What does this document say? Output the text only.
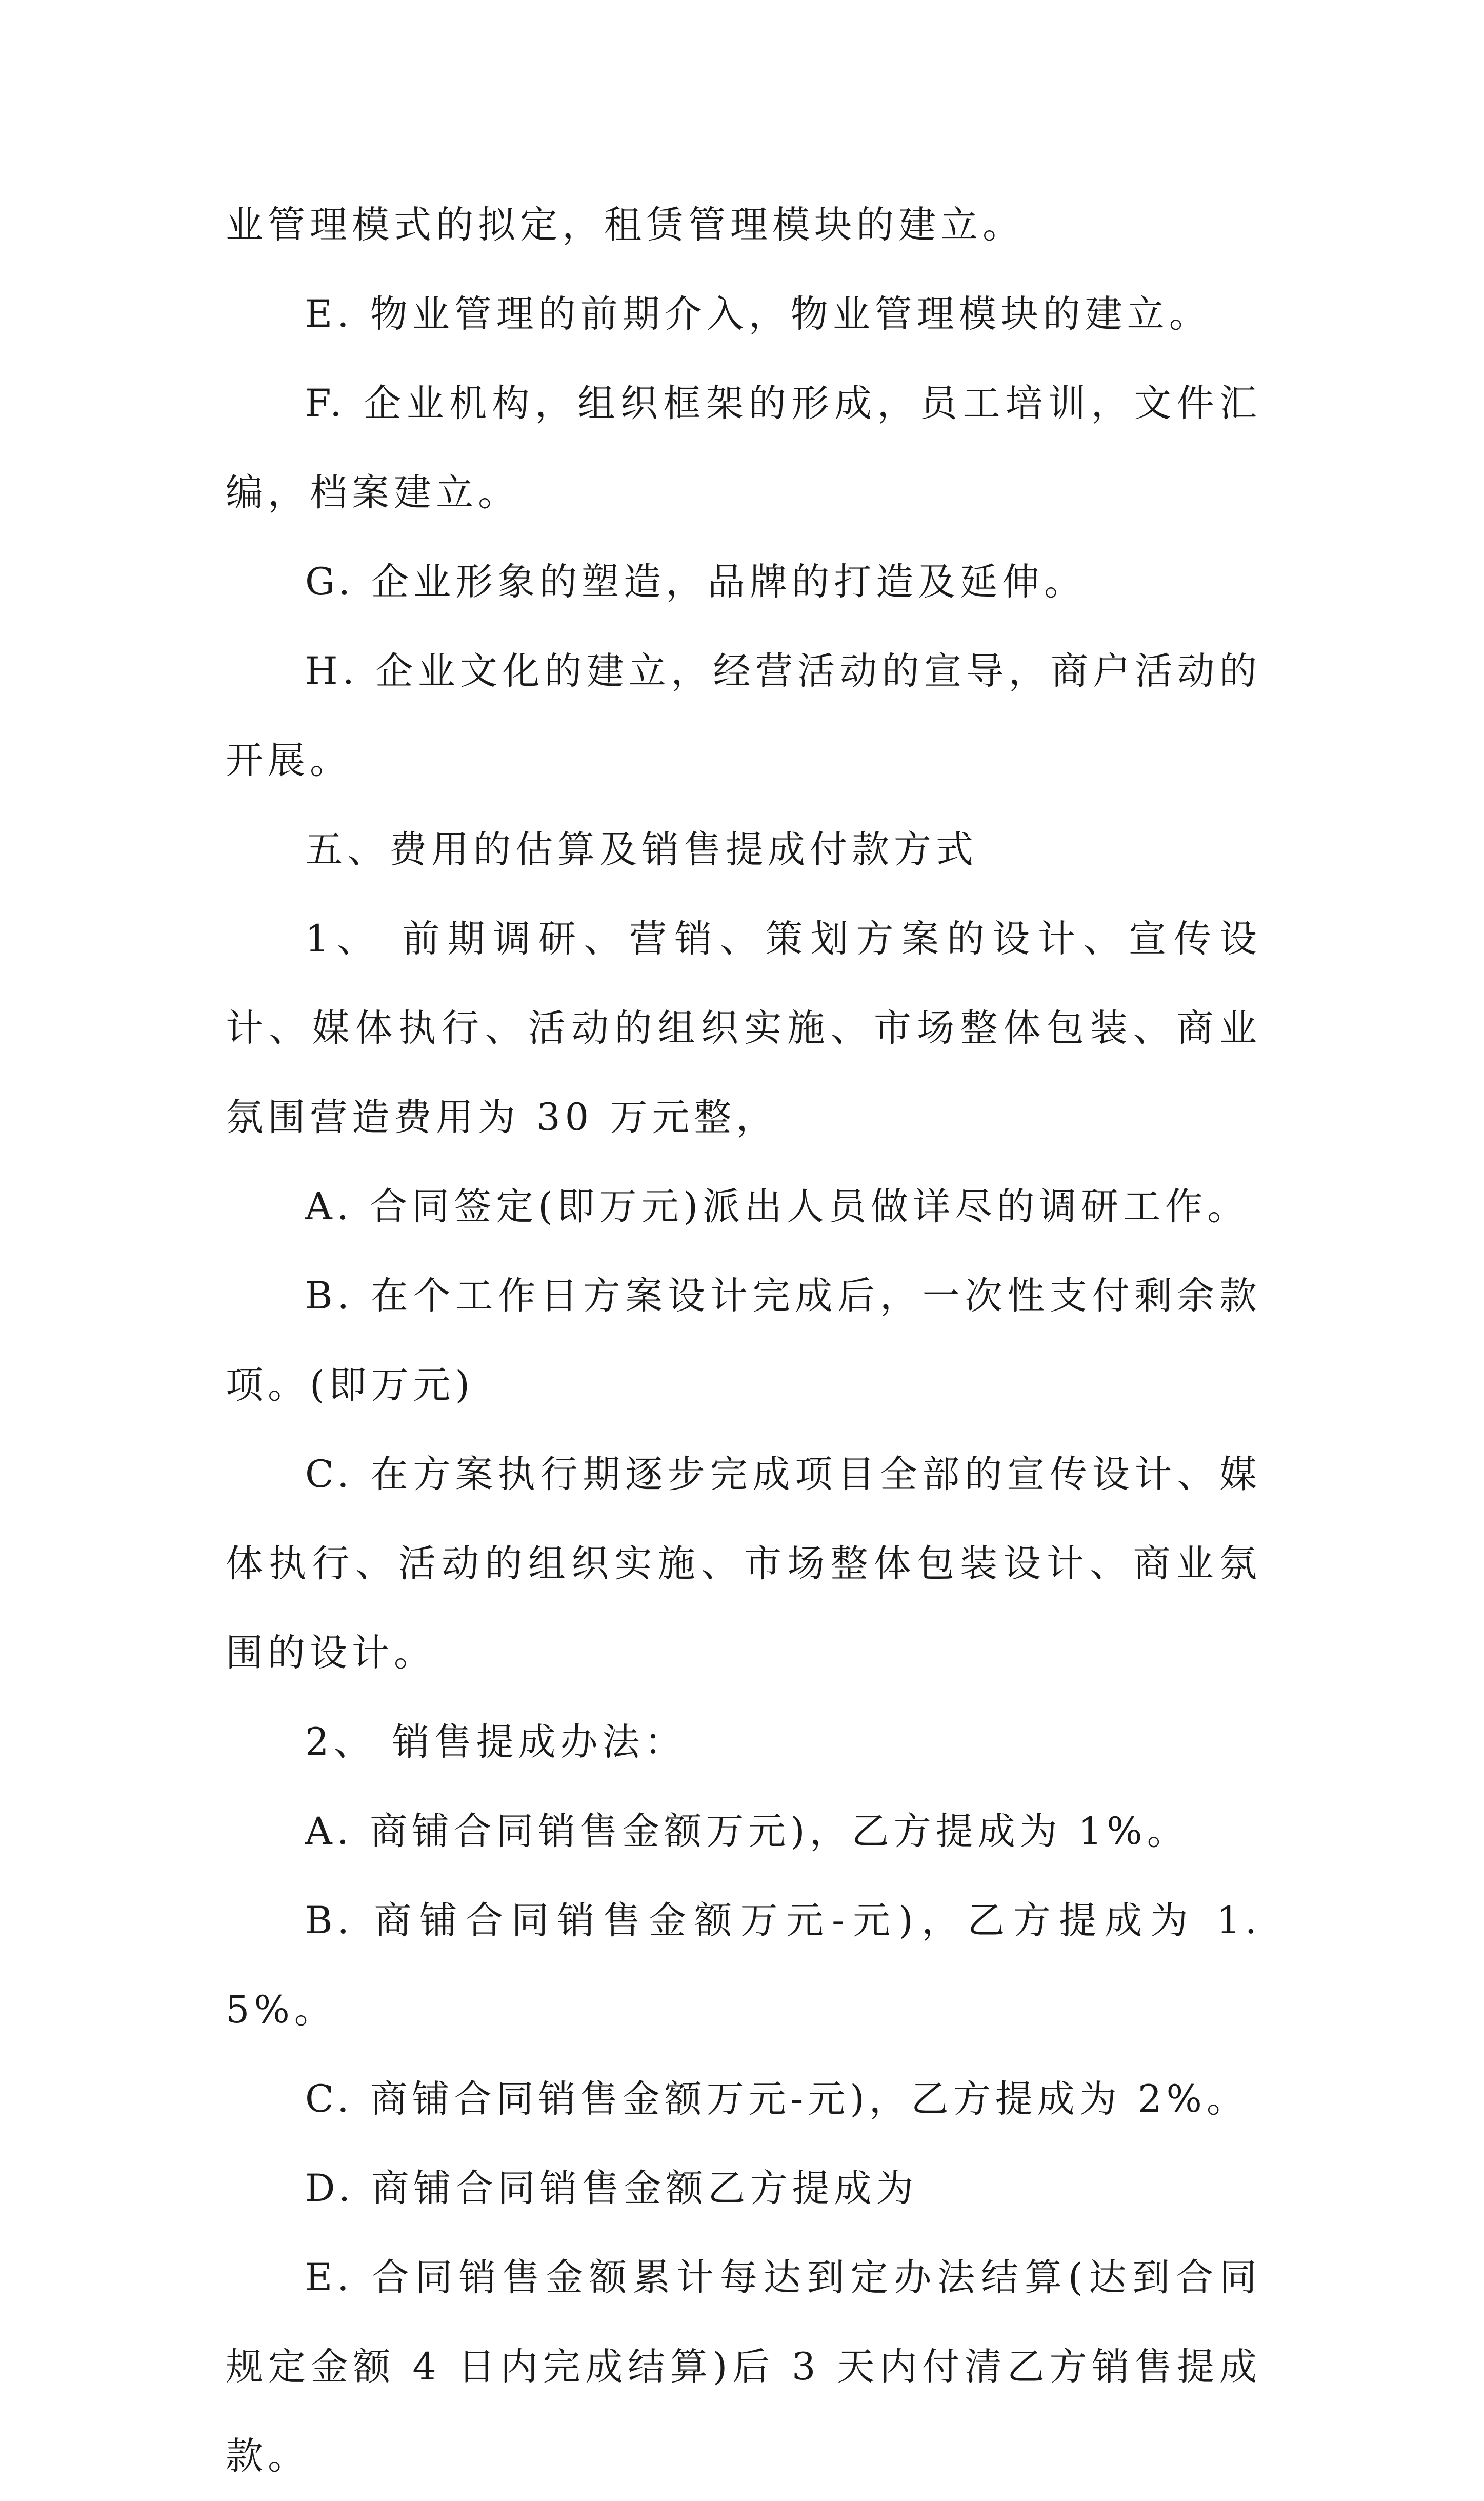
业管理模式的拟定，租赁管理模块的建立。

E. 物业管理的前期介入，物业管理模块的建立。

F. 企业机构，组织框架的形成，员工培训，文件汇编，档案建立。

G. 企业形象的塑造，品牌的打造及延伸。

H. 企业文化的建立，经营活动的宣导，商户活动的开展。

五、费用的估算及销售提成付款方式

1、 前期调研、营销、策划方案的设计、宣传设计、媒体执行、活动的组织实施、市场整体包装、商业氛围营造费用为 30 万元整，

A. 合同签定(即万元)派出人员做详尽的调研工作。

B. 在个工作日方案设计完成后，一次性支付剩余款项。(即万元)

C. 在方案执行期逐步完成项目全部的宣传设计、媒体执行、活动的组织实施、市场整体包装设计、商业氛围的设计。

2、 销售提成办法：

A. 商铺合同销售金额万元)，乙方提成为 1%。

B. 商铺合同销售金额万元-元)，乙方提成为 1.5%。

C. 商铺合同销售金额万元-元)，乙方提成为 2%。

D. 商铺合同销售金额乙方提成为

E. 合同销售金额累计每达到定办法结算(达到合同规定金额 4 日内完成结算)后 3 天内付清乙方销售提成款。
